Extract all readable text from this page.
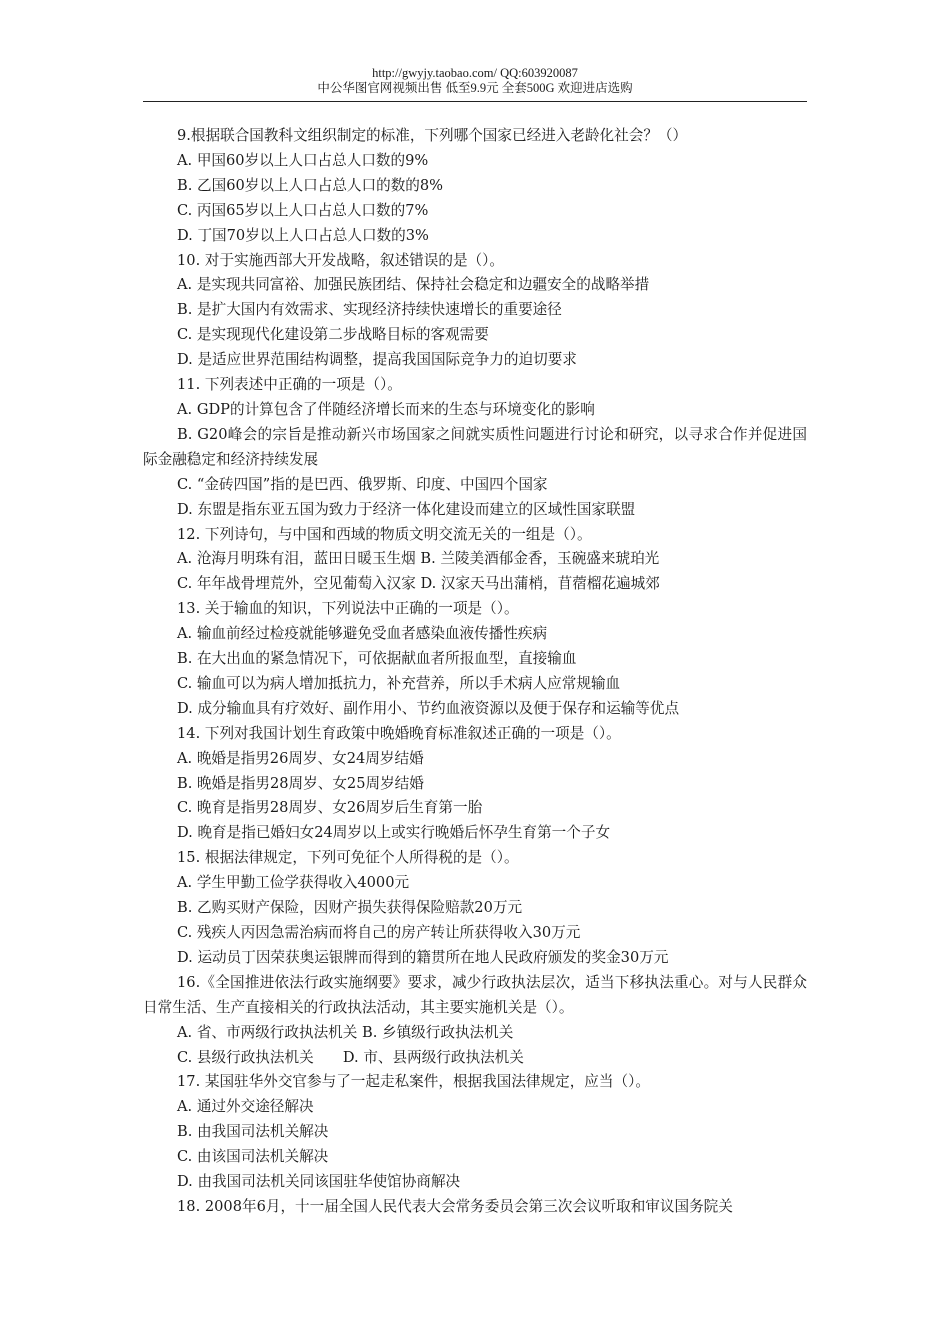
http://gwyjy.taobao.com/ QQ:603920087
中公华图官网视频出售 低至9.9元 全套500G 欢迎进店选购

9.根据联合国教科文组织制定的标准，下列哪个国家已经进入老龄化社会？（）

A. 甲国60岁以上人口占总人口数的9%

B. 乙国60岁以上人口占总人口的数的8%

C. 丙国65岁以上人口占总人口数的7%

D. 丁国70岁以上人口占总人口数的3%

10. 对于实施西部大开发战略，叙述错误的是（）。

A. 是实现共同富裕、加强民族团结、保持社会稳定和边疆安全的战略举措

B. 是扩大国内有效需求、实现经济持续快速增长的重要途径

C. 是实现现代化建设第二步战略目标的客观需要

D. 是适应世界范围结构调整，提高我国国际竞争力的迫切要求

11. 下列表述中正确的一项是（）。

A. GDP的计算包含了伴随经济增长而来的生态与环境变化的影响

B. G20峰会的宗旨是推动新兴市场国家之间就实质性问题进行讨论和研究，以寻求合作并促进国际金融稳定和经济持续发展

C. “金砖四国”指的是巴西、俄罗斯、印度、中国四个国家

D. 东盟是指东亚五国为致力于经济一体化建设而建立的区域性国家联盟

12. 下列诗句，与中国和西域的物质文明交流无关的一组是（）。

A. 沧海月明珠有泪，蓝田日暖玉生烟 B. 兰陵美酒郁金香，玉碗盛来琥珀光

C. 年年战骨埋荒外，空见葡萄入汉家 D. 汉家天马出蒲梢，苜蓿榴花遍城郊

13. 关于输血的知识，下列说法中正确的一项是（）。

A. 输血前经过检疫就能够避免受血者感染血液传播性疾病

B. 在大出血的紧急情况下，可依据献血者所报血型，直接输血

C. 输血可以为病人增加抵抗力，补充营养，所以手术病人应常规输血

D. 成分输血具有疗效好、副作用小、节约血液资源以及便于保存和运输等优点

14. 下列对我国计划生育政策中晚婚晚育标准叙述正确的一项是（）。

A. 晚婚是指男26周岁、女24周岁结婚

B. 晚婚是指男28周岁、女25周岁结婚

C. 晚育是指男28周岁、女26周岁后生育第一胎

D. 晚育是指已婚妇女24周岁以上或实行晚婚后怀孕生育第一个子女

15. 根据法律规定，下列可免征个人所得税的是（）。

A. 学生甲勤工俭学获得收入4000元

B. 乙购买财产保险，因财产损失获得保险赔款20万元

C. 残疾人丙因急需治病而将自己的房产转让所获得收入30万元

D. 运动员丁因荣获奥运银牌而得到的籍贯所在地人民政府颁发的奖金30万元

16.《全国推进依法行政实施纲要》要求，减少行政执法层次，适当下移执法重心。对与人民群众日常生活、生产直接相关的行政执法活动，其主要实施机关是（）。

A. 省、市两级行政执法机关 B. 乡镇级行政执法机关

C. 县级行政执法机关　　D. 市、县两级行政执法机关

17. 某国驻华外交官参与了一起走私案件，根据我国法律规定，应当（）。

A. 通过外交途径解决

B. 由我国司法机关解决

C. 由该国司法机关解决

D. 由我国司法机关同该国驻华使馆协商解决

18. 2008年6月，十一届全国人民代表大会常务委员会第三次会议听取和审议国务院关
